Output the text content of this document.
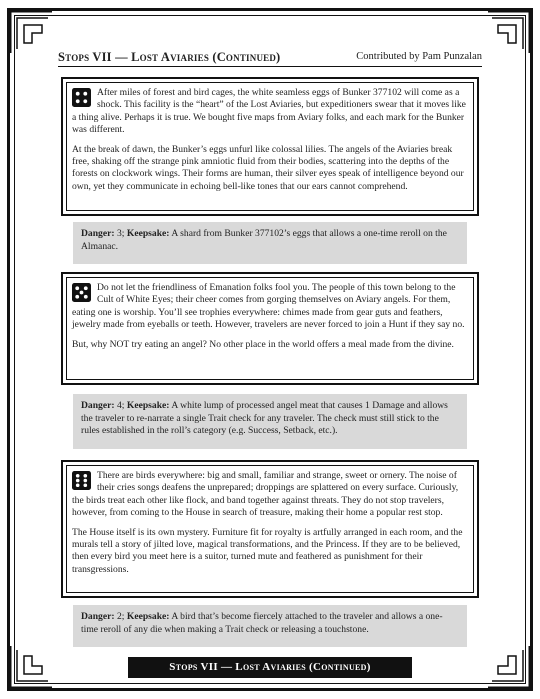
Stops VII — Lost Aviaries (Continued)	Contributed by Pam Punzalan

After miles of forest and bird cages, the white seamless eggs of Bunker 377102 will come as a shock. This facility is the “heart” of the Lost Aviaries, but expeditioners swear that it moves like a thing alive. Perhaps it is true. We bought five maps from Aviary folks, and each mark for the Bunker was different.

At the break of dawn, the Bunker’s eggs unfurl like colossal lilies. The angels of the Aviaries break free, shaking off the strange pink amniotic fluid from their bodies, scattering into the depths of the forests on clockwork wings. Their forms are human, their silver eyes speak of intelligence beyond our own, yet they communicate in echoing bell-like tones that our ears cannot comprehend.

Danger: 3; Keepsake: A shard from Bunker 377102’s eggs that allows a one-time reroll on the Almanac.

Do not let the friendliness of Emanation folks fool you. The people of this town belong to the Cult of White Eyes; their cheer comes from gorging themselves on Aviary angels. For them, eating one is worship. You’ll see trophies everywhere: chimes made from gear guts and feathers, jewelry made from eyeballs or teeth. However, travelers are never forced to join a Hunt if they say no.

But, why NOT try eating an angel? No other place in the world offers a meal made from the divine.

Danger: 4; Keepsake: A white lump of processed angel meat that causes 1 Damage and allows the traveler to re-narrate a single Trait check for any traveler. The check must still stick to the rules established in the roll’s category (e.g. Success, Setback, etc.).

There are birds everywhere: big and small, familiar and strange, sweet or ornery. The noise of their cries songs deafens the unprepared; droppings are splattered on every surface. Curiously, the birds treat each other like flock, and band together against threats. They do not stop travelers, however, from coming to the House in search of treasure, making their home a popular rest stop.

The House itself is its own mystery. Furniture fit for royalty is artfully arranged in each room, and the murals tell a story of jilted love, magical transformations, and the Princess. If they are to be believed, then every bird you meet here is a suitor, turned mute and feathered as punishment for their transgressions.

Danger: 2; Keepsake: A bird that’s become fiercely attached to the traveler and allows a one-time reroll of any die when making a Trait check or releasing a touchstone.
Stops VII — Lost Aviaries (Continued)
